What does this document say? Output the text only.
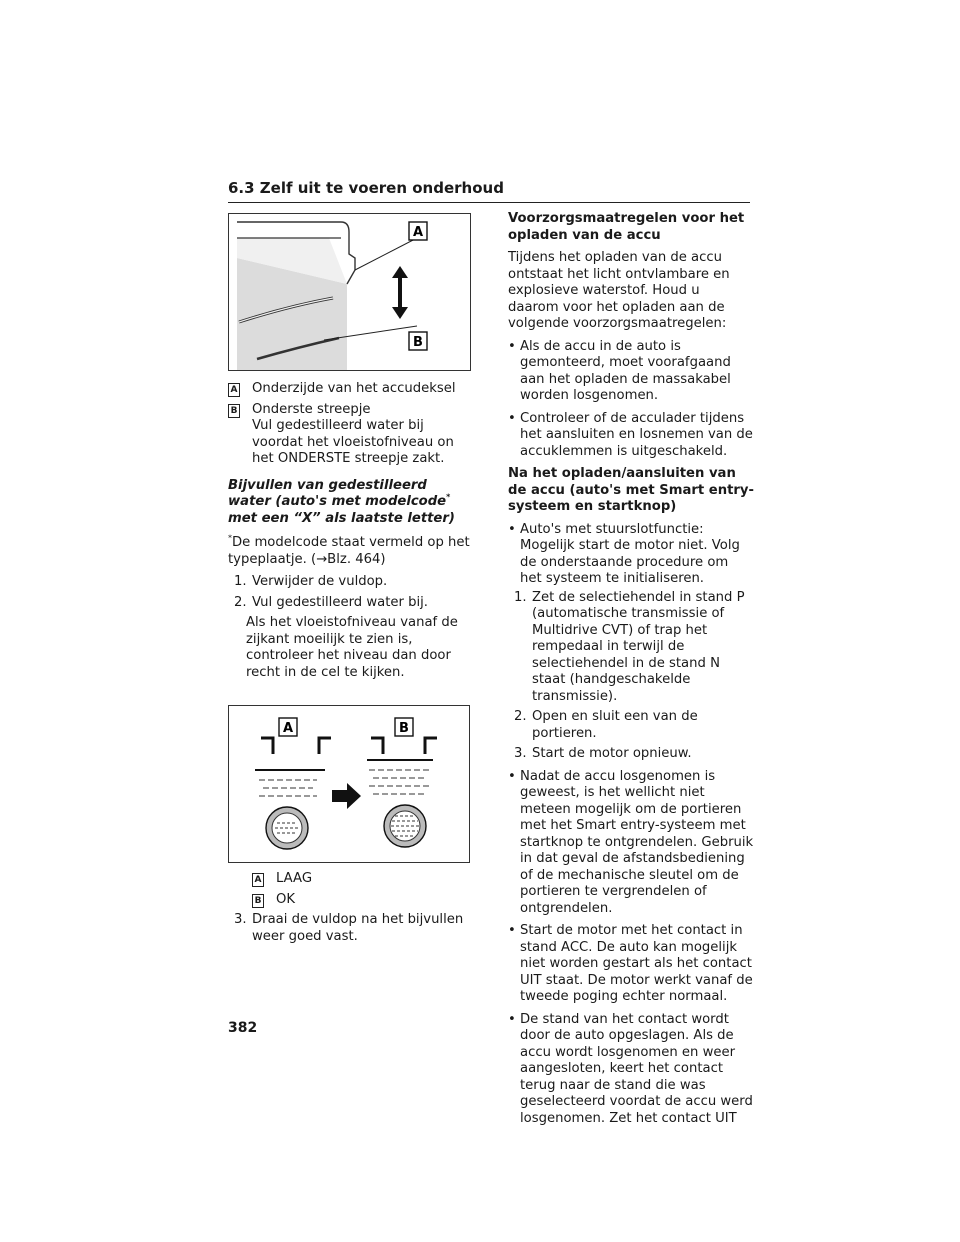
6.3 Zelf uit te voeren onderhoud
A
B
A Onderzijde van het accudeksel
B Onderste streepje
Vul gedestilleerd water bij voordat het vloeistofniveau on het ONDERSTE streepje zakt.
Bijvullen van gedestilleerd water (auto's met modelcode* met een “X” als laatste letter)

*De modelcode staat vermeld op het typeplaatje. (→Blz. 464)

1. Verwijder de vuldop.
2. Vul gedestilleerd water bij.

Als het vloeistofniveau vanaf de zijkant moeilijk te zien is, controleer het niveau dan door recht in de cel te kijken.

A	B
A LAAG
B OK
3. Draai de vuldop na het bijvullen weer goed vast.
Voorzorgsmaatregelen voor het opladen van de accu

Tijdens het opladen van de accu ontstaat het licht ontvlambare en explosieve waterstof. Houd u daarom voor het opladen aan de volgende voorzorgsmaatregelen:

• Als de accu in de auto is gemonteerd, moet voorafgaand aan het opladen de massakabel worden losgenomen.
• Controleer of de acculader tijdens het aansluiten en losnemen van de accuklemmen is uitgeschakeld.
Na het opladen/aansluiten van de accu (auto's met Smart entry-systeem en startknop)
• Auto's met stuurslotfunctie: Mogelijk start de motor niet. Volg de onderstaande procedure om het systeem te initialiseren.
1. Zet de selectiehendel in stand P (automatische transmissie of Multidrive CVT) of trap het rempedaal in terwijl de selectiehendel in de stand N staat (handgeschakelde transmissie).
2. Open en sluit een van de portieren.
3. Start de motor opnieuw.
• Nadat de accu losgenomen is geweest, is het wellicht niet meteen mogelijk om de portieren met het Smart entry-systeem met startknop te ontgrendelen. Gebruik in dat geval de afstandsbediening of de mechanische sleutel om de portieren te vergrendelen of ontgrendelen.
• Start de motor met het contact in stand ACC. De auto kan mogelijk niet worden gestart als het contact UIT staat. De motor werkt vanaf de tweede poging echter normaal.
• De stand van het contact wordt door de auto opgeslagen. Als de accu wordt losgenomen en weer aangesloten, keert het contact terug naar de stand die was geselecteerd voordat de accu werd losgenomen. Zet het contact UIT
382
